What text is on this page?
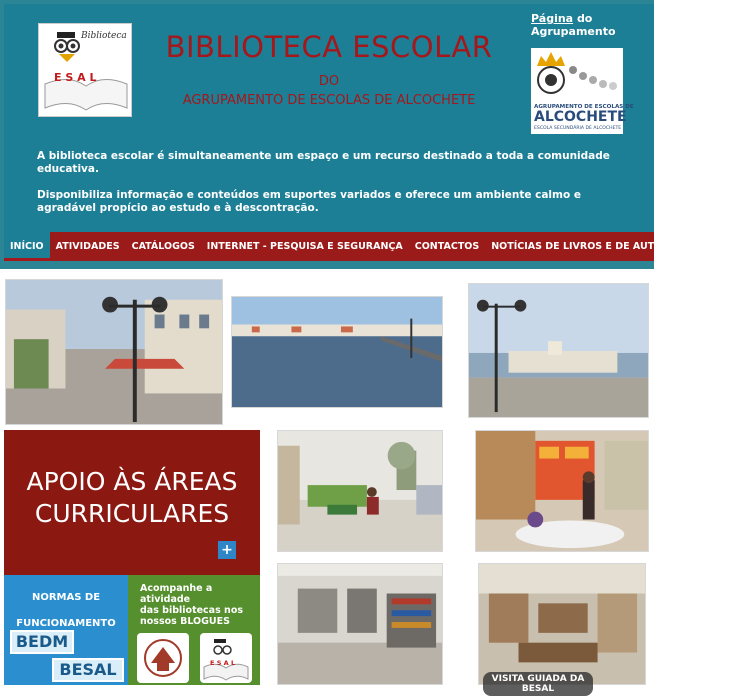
Biblioteca
E S A L
BIBLIOTECA ESCOLAR
DO
AGRUPAMENTO DE ESCOLAS DE ALCOCHETE
Página do Agrupamento
AGRUPAMENTO DE ESCOLAS DE
ALCOCHETE
ESCOLA SECUNDÁRIA DE ALCOCHETE

A biblioteca escolar é simultaneamente um espaço e um recurso destinado a toda a comunidade educativa.

Disponibiliza informação e conteúdos em suportes variados e oferece um ambiente calmo e agradável propício ao estudo e à descontração.

INÍCIO	ATIVIDADES	CATÁLOGOS	INTERNET - PESQUISA E SEGURANÇA	CONTACTOS	NOTÍCIAS DE LIVROS E DE AUTORES	Outras
APOIO ÀS ÁREAS
CURRICULARES
+
NORMAS DE
FUNCIONAMENTO
BEDM
BESAL
Acompanhe a atividade
das bibliotecas nos nossos BLOGUES
E S A L
VISITA GUIADA DA BESAL
